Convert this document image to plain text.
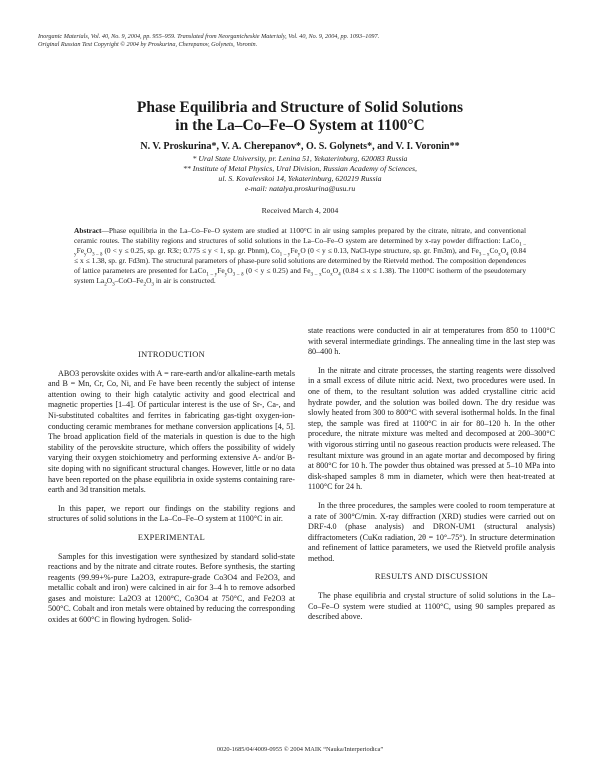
Inorganic Materials, Vol. 40, No. 9, 2004, pp. 955–959. Translated from Neorganicheskie Materialy, Vol. 40, No. 9, 2004, pp. 1093–1097.
Original Russian Text Copyright © 2004 by Proskurina, Cherepanov, Golynets, Voronin.
Phase Equilibria and Structure of Solid Solutions
in the La–Co–Fe–O System at 1100°C
N. V. Proskurina*, V. A. Cherepanov*, O. S. Golynets*, and V. I. Voronin**
* Ural State University, pr. Lenina 51, Yekaterinburg, 620083 Russia
** Institute of Metal Physics, Ural Division, Russian Academy of Sciences,
ul. S. Kovalevskoi 14, Yekaterinburg, 620219 Russia
e-mail: natalya.proskurina@usu.ru
Received March 4, 2004
Abstract—Phase equilibria in the La–Co–Fe–O system are studied at 1100°C in air using samples prepared by the citrate, nitrate, and conventional ceramic routes. The stability regions and structures of solid solutions in the La–Co–Fe–O system are determined by x-ray powder diffraction: $LaCo_{1 - y}Fe_yO_{3 - \delta}$ (0 < y ≤ 0.25, sp. gr. R3̄c; 0.775 ≤ y < 1, sp. gr. Pbnm), $Co_{1 - y}Fe_yO$ (0 < y ≤ 0.13, NaCl-type structure, sp. gr. Fm3m), and $Fe_{3 - x}Co_xO_4$ (0.84 ≤ x ≤ 1.38, sp. gr. Fd3m). The structural parameters of phase-pure solid solutions are determined by the Rietveld method. The composition dependences of lattice parameters are presented for $LaCo_{1 - y}Fe_yO_{3 - \delta}$ (0 < y ≤ 0.25) and $Fe_{3 - x}Co_xO_4$ (0.84 ≤ x ≤ 1.38). The 1100°C isotherm of the pseudoternary system $La_2O_3-CoO-Fe_2O_3$ in air is constructed.

INTRODUCTION

ABO3 perovskite oxides with A = rare-earth and/or alkaline-earth metals and B = Mn, Cr, Co, Ni, and Fe have been recently the subject of intense attention owing to their high catalytic activity and good electrical and magnetic properties [1–4]. Of particular interest is the use of Sr-, Ca-, and Ni-substituted cobaltites and ferrites in fabricating gas-tight oxygen-ion-conducting ceramic membranes for methane conversion applications [4, 5]. The broad application field of the materials in question is due to the high stability of the perovskite structure, which offers the possibility of widely varying their oxygen stoichiometry and performing extensive A- and/or B-site doping with no significant structural changes. However, little or no data have been reported on the phase equilibria in oxide systems containing rare-earth and 3d transition metals.

In this paper, we report our findings on the stability regions and structures of solid solutions in the La–Co–Fe–O system at 1100°C in air.

EXPERIMENTAL

Samples for this investigation were synthesized by standard solid-state reactions and by the nitrate and citrate routes. Before synthesis, the starting reagents (99.99+%-pure La2O3, extrapure-grade Co3O4 and Fe2O3, and metallic cobalt and iron) were calcined in air for 3–4 h to remove adsorbed gases and moisture: La2O3 at 1200°C, Co3O4 at 750°C, and Fe2O3 at 500°C. Cobalt and iron metals were obtained by reducing the corresponding oxides at 600°C in flowing hydrogen. Solid-

state reactions were conducted in air at temperatures from 850 to 1100°C with several intermediate grindings. The annealing time in the last step was 80–400 h.

In the nitrate and citrate processes, the starting reagents were dissolved in a small excess of dilute nitric acid. Next, two procedures were used. In one of them, to the resultant solution was added crystalline citric acid hydrate powder, and the solution was boiled down. The dry residue was slowly heated from 300 to 800°C with several isothermal holds. In the final step, the sample was fired at 1100°C in air for 80–120 h. In the other procedure, the nitrate mixture was melted and decomposed at 200–300°C with vigorous stirring until no gaseous reaction products were released. The resultant mixture was ground in an agate mortar and decomposed by firing at 800°C for 10 h. The powder thus obtained was pressed at 5–10 MPa into disk-shaped samples 8 mm in diameter, which were then heat-treated at 1100°C for 24 h.

In the three procedures, the samples were cooled to room temperature at a rate of 300°C/min. X-ray diffraction (XRD) studies were carried out on DRF-4.0 (phase analysis) and DRON-UM1 (structural analysis) diffractometers (CuKα radiation, 2θ = 10°–75°). In structure determination and refinement of lattice parameters, we used the Rietveld profile analysis method.

RESULTS AND DISCUSSION

The phase equilibria and crystal structure of solid solutions in the La–Co–Fe–O system were studied at 1100°C, using 90 samples prepared as described above.

0020-1685/04/4009-0955 © 2004 MAIK “Nauka/Interperiodica”
